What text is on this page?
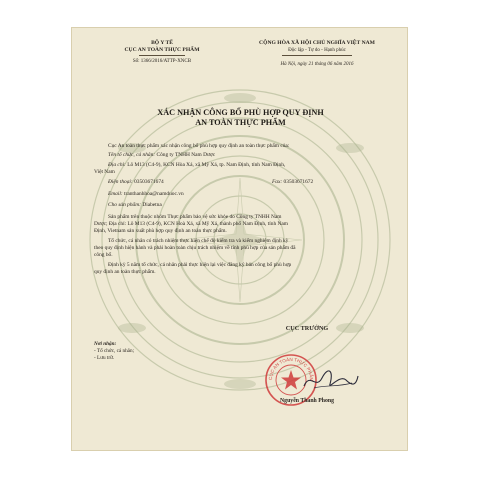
BỘ Y TẾ
CỤC AN TOÀN THỰC PHẨM
Số: 1366/2016/ATTP-XNCB
CỘNG HÒA XÃ HỘI CHỦ NGHĨA VIỆT NAM
Độc lập - Tự do - Hạnh phúc
Hà Nội, ngày 21 tháng 06 năm 2016
XÁC NHẬN CÔNG BỐ PHÙ HỢP QUY ĐỊNH
AN TOÀN THỰC PHẨM
Cục An toàn thực phẩm xác nhận công bố phù hợp quy định an toàn thực phẩm của:
Tên tổ chức, cá nhân: Công ty TNHH Nam Dược
Địa chỉ: Lô M13 (C4-9), KCN Hòa Xá, xã Mỹ Xá, tp. Nam Định, tỉnh Nam Định,
Việt Nam
Điện thoại: 03503671674	Fax: 03503671672
Email: tranthanhhoa@namduoc.vn
Cho sản phẩm: Diabetna
Sản phẩm trên thuộc nhóm Thực phẩm bảo vệ sức khỏe do Công ty TNHH Nam
Dược; Địa chỉ: Lô M13 (C4-9), KCN Hoà Xá, xã Mỹ Xá, thành phố Nam Định, tỉnh Nam
Định, Vietnam sản xuất phù hợp quy định an toàn thực phẩm.
Tổ chức, cá nhân có trách nhiệm thực hiện chế độ kiểm tra và kiểm nghiệm định kỳ
theo quy định hiện hành và phải hoàn toàn chịu trách nhiệm về tính phù hợp của sản phẩm đã
công bố.
Định kỳ 5 năm tổ chức, cá nhân phải thực hiện lại việc đăng ký bản công bố phù hợp
quy định an toàn thực phẩm.
Nơi nhận:
- Tổ chức, cá nhân;
- Lưu trữ.
CỤC TRƯỞNG
CỤC AN TOÀN THỰC PHẨM
Nguyễn Thanh Phong
